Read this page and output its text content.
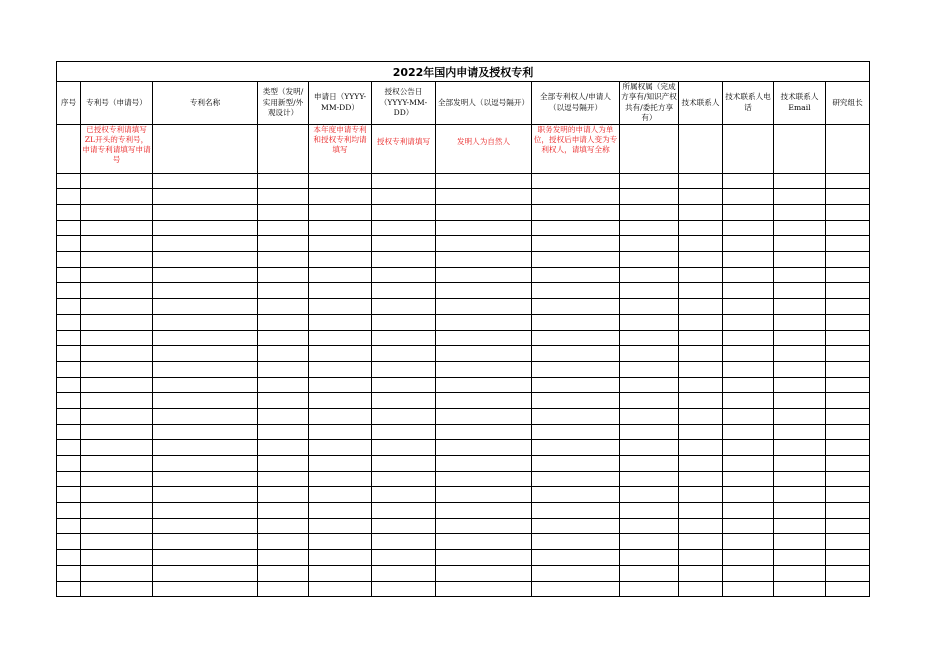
2022年国内申请及授权专利												
序号	专利号（申请号）	专利名称	类型（发明/实用新型/外观设计）	申请日（YYYY-MM-DD）	授权公告日（YYYY-MM-DD）	全部发明人（以逗号隔开）	全部专利权人/申请人（以逗号隔开）	所属权属（完成方享有/知识产权共有/委托方享有）	技术联系人	技术联系人电话	技术联系人Email	研究组长
	已授权专利请填写ZL开头的专利号，申请专利请填写申请号			本年度申请专利和授权专利均请填写	授权专利请填写	发明人为自然人	职务发明的申请人为单位，授权后申请人变为专利权人，请填写全称					
